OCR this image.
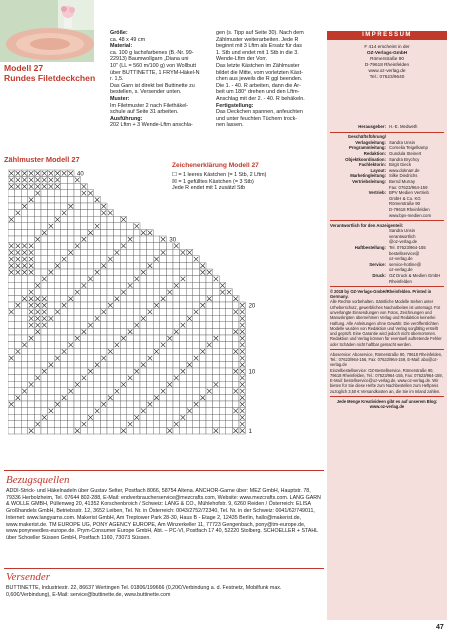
Modell 27
Rundes Filetdeckchen
Größe:
ca. 48 x 49 cm
Material:
ca. 100 g lachsfarbenes (B.-Nr. 99-
22913) Baumwollgarn „Diana uni
10" (LL = 560 m/100 g) von Wollbutt
über BUTTINETTE, 1 FRYM-Häkel-N
r. 1,5.
Das Garn ist direkt bei Buttinette zu
bestellen, s. Versender unten.
Muster:
Im Filetmuster 2 nach Filethäkel-
schule auf Seite 31 arbeiten.
Ausführung:
202 Lftm + 3 Wende-Lftm anschla-
gen (s. Tipp auf Seite 30). Nach dem
Zählmuster weiterarbeiten. Jede R
beginnt mit 3 Lftm als Ersatz für das
1. Stb und endet mit 1 Stb in die 3.
Wende-Lftm der Vorr.
Das letzte Kästchen im Zählmuster
bildet die Mitte, vom vorletzten Käst-
chen aus jeweils die R ggl beenden.
Die 1. - 40. R arbeiten, dann die Ar-
beit um 180° drehen und den Lftm-
Anschlag mit der 2. - 40. R behäkeln.
Fertigstellung:
Das Deckchen spannen, anfeuchten
und unter feuchten Tüchern trock-
nen lassen.
Zählmuster Modell 27
Zeichenerklärung Modell 27
☐ = 1 leeres Kästchen (= 1 Stb, 2 Lftm)
☒ = 1 gefülltes Kästchen (= 3 Stb)
Jede R endet mit 1 zusätzl Stb
40
30
20
10
1
Bezugsquellen
ADDI-Strick- und Häkelnadeln über Gustav Selter, Postfach 8066, 58754 Altena. ANCHOR-Garne über: MEZ GmbH, Hauptstr. 78, 79336 Herbolzheim, Tel. 07644 802-288, E-Mail: endverbraucherservice@mezcrafts.com, Website: www.mezcrafts.com. LANG GARN & WOLLE GMBH, Püllenweg 20, 41352 Korschenbroich / Schweiz: LANG & CO., Mühlehofstr. 9, 6260 Reiden / Österreich: ELISA Großhandels GmbH, Betriebsstr. 12, 3652 Leiben, Tel. Nr. in Österreich: 0043/2752/72340, Tel. Nr. in der Schweiz: 0041/62/749011, Internet: www.langyarns.com. Makerist GmbH, Am Treptower Park 28-30, Haus B - Etage 2, 12435 Berlin, hallo@makerist.de, www.makerist.de. TM EUROPE UG, PONY AGENCY EUROPE, Am Winzerkeller 11, 77723 Gengenbach, pony@tm-europe.de, www.ponyneedles-europe.de. Prym-Consumer Europe GmbH, Abt. – PC-VI, Postfach 17 40, 52220 Stolberg. SCHOELLER + STAHL über Schoeller Süssen GmbH, Postfach 1160, 73073 Süssen.
Versender
BUTTINETTE, Industriestr. 22, 86637 Wertingen Tel. 01806/199666 (0,20€/Verbindung a. d. Festnetz, Mobilfunk max. 0,60€/Verbindung), E-Mail: service@buttinette.de, www.buttinette.com
IMPRESSUM
F 414 erscheint in der
OZ-Verlags-GmbH
Römerstraße 90
D-79618 Rheinfelden
www.oz-verlag.de
Tel.: 07623/9640
Herausgeber: H.-E. Medweth
Geschäftsführung/
Verlagsleitung: Sandra Unsin
Programmleitung: Cornelia Teigelkamp
Redaktion: Gundula Steinert
Objektkoordination: Sandra Brychcy
Fachlektorin: Birgit Gieck
Layout: www.doknarr.de
Marketingleitung: Silke Diedrichs
Vertriebsleitung: Bernd Murray
Fax: 07623/964-159
Vertrieb: BPV Medien Vertrieb
GmbH & Co. KG
Römerstraße 90
D-79618 Rheinfelden
www.bpv-medien.com
Verantwortlich für den Anzeigenteil:
Sandra Unsin
verantwortlich
@oz-verlag.de
Haftbestellung: Tel. 07623/964-155
bestellservice@
oz-verlag.de
Service: service-hotline@
oz-verlag.de
Druck: OZ Druck & Medien GmbH Rheinfelden
© 2018 by OZ-Verlags-GmbH/Rheinfelden. Printed in Germany.
Alle Rechte vorbehalten. Sämtliche Modelle stehen unter Urheberschutz, gewerbliches Nacharbeiten ist untersagt. Für unverlangte Einsendungen von Fotos, Zeichnungen und Manuskripten übernehmen Verlag und Redaktion keinerlei Haftung. Alle Anleitungen ohne Gewähr. Die veröffentlichten Modelle wurden von Redaktion und Verlag sorgfältig erstellt und geprüft. Eine Garantie wird jedoch nicht übernommen. Redaktion und Verlag können für eventuell auftretende Fehler oder Schäden nicht haftbar gemacht werden.
Aboservice: Aboservice, Römerstraße 90, 79618 Rheinfelden, Tel.: 07623/964-156, Fax: 07623/964-159, E-Mail: abo@oz-verlag.de
Einzelbestellservice: OZ-Bestellservice, Römerstraße 90, 79618 Rheinfelden, Tel.: 07623/964-155, Fax: 07623/964-159, E-Mail: bestellservice@oz-verlag.de, www.oz-verlag.de. Wir bieten für Sie diese Hefte zum Nachbestellen zum Heftpreis zuzüglich 3,50 € Versandkosten an, die Sie im Inland zahlen.
Jede Menge Kreativideen gibt es auf unserem Blog: www.oz-verlag.de
47
